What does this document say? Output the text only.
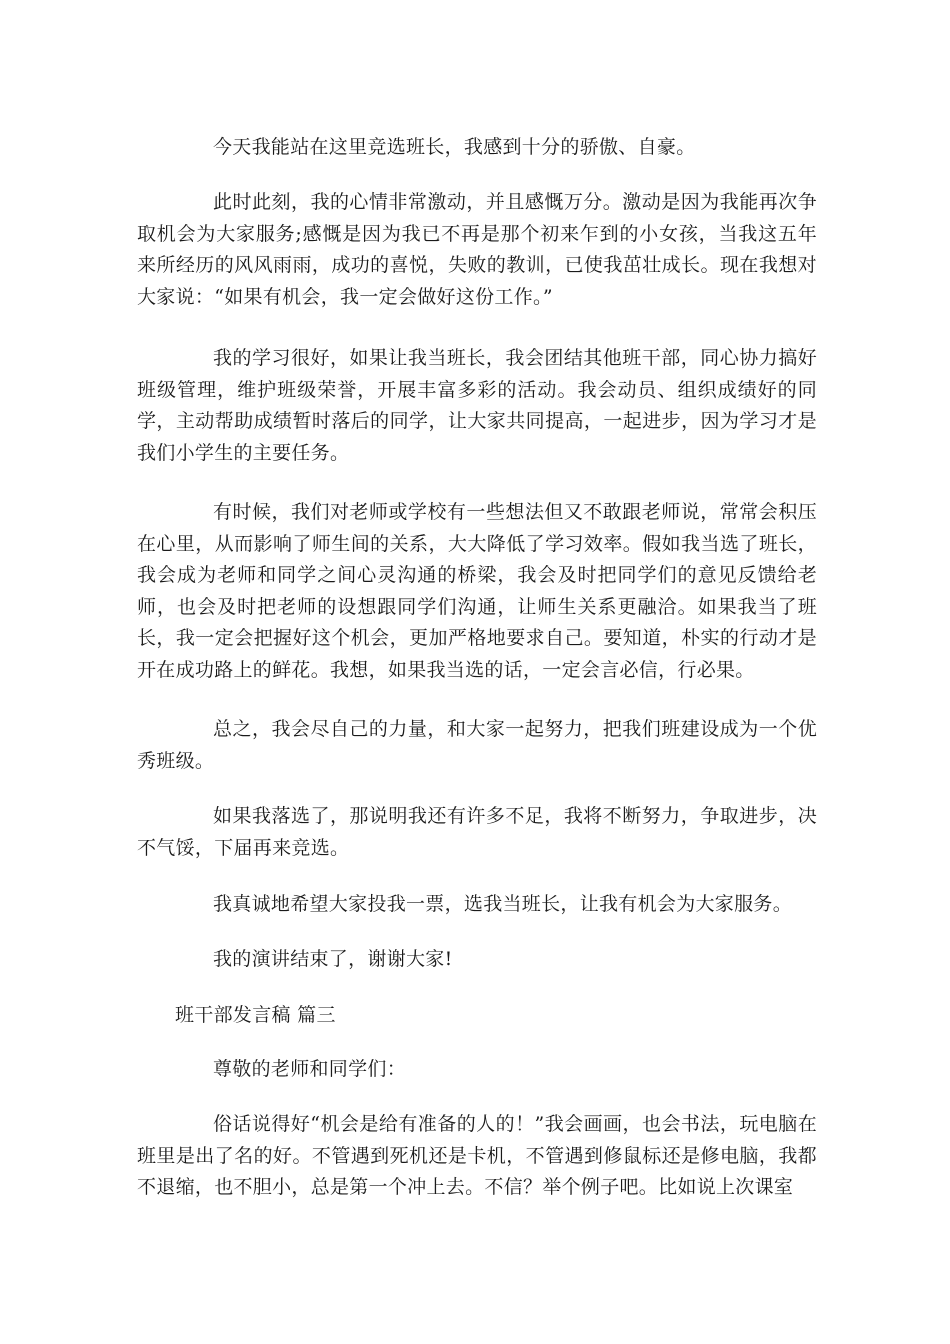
今天我能站在这里竞选班长，我感到十分的骄傲、自豪。

此时此刻，我的心情非常激动，并且感慨万分。激动是因为我能再次争取机会为大家服务;感慨是因为我已不再是那个初来乍到的小女孩，当我这五年来所经历的风风雨雨，成功的喜悦，失败的教训，已使我茁壮成长。现在我想对大家说：“如果有机会，我一定会做好这份工作。”

我的学习很好，如果让我当班长，我会团结其他班干部，同心协力搞好班级管理，维护班级荣誉，开展丰富多彩的活动。我会动员、组织成绩好的同学，主动帮助成绩暂时落后的同学，让大家共同提高，一起进步，因为学习才是我们小学生的主要任务。

有时候，我们对老师或学校有一些想法但又不敢跟老师说，常常会积压在心里，从而影响了师生间的关系，大大降低了学习效率。假如我当选了班长，我会成为老师和同学之间心灵沟通的桥梁，我会及时把同学们的意见反馈给老师，也会及时把老师的设想跟同学们沟通，让师生关系更融洽。如果我当了班长，我一定会把握好这个机会，更加严格地要求自己。要知道，朴实的行动才是开在成功路上的鲜花。我想，如果我当选的话，一定会言必信，行必果。

总之，我会尽自己的力量，和大家一起努力，把我们班建设成为一个优秀班级。

如果我落选了，那说明我还有许多不足，我将不断努力，争取进步，决不气馁，下届再来竞选。

我真诚地希望大家投我一票，选我当班长，让我有机会为大家服务。

我的演讲结束了，谢谢大家!

班干部发言稿 篇三

尊敬的老师和同学们：

俗话说得好“机会是给有准备的人的！”我会画画，也会书法，玩电脑在班里是出了名的好。不管遇到死机还是卡机，不管遇到修鼠标还是修电脑，我都不退缩，也不胆小，总是第一个冲上去。不信？举个例子吧。比如说上次课室
